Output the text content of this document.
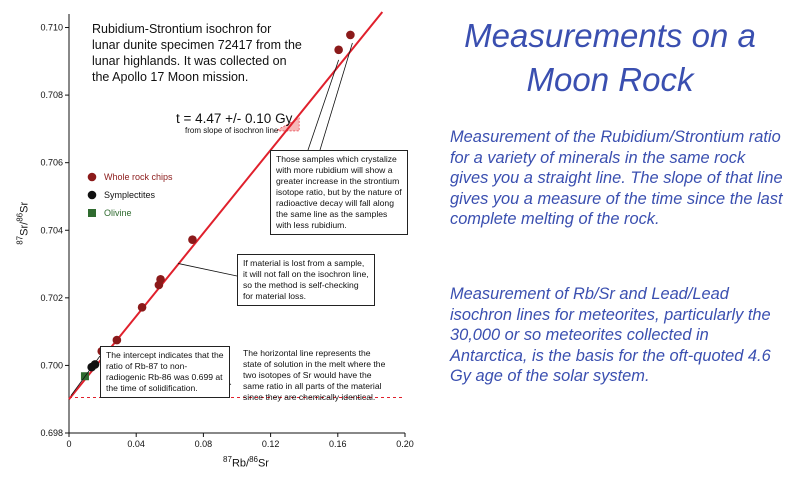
0	0.04	0.08	0.12	0.16	0.20
0.698
0.700
0.702
0.704
0.706
0.708
0.710
Whole rock chips
Symplectites
Olivine
Rubidium-Strontium isochron for lunar dunite specimen 72417 from the lunar highlands. It was collected on the Apollo 17 Moon mission.
t = 4.47 +/- 0.10 Gy
from slope of isochron line
$^{87}$Sr/$^{86}$Sr
$^{87}$Rb/$^{86}$Sr
Those samples which crystalize with more rubidium will show a greater increase in the strontium isotope ratio, but by the nature of radioactive decay will fall along the same line as the samples with less rubidium.
If material is lost from a sample, it will not fall on the isochron line, so the method is self-checking for material loss.
The intercept indicates that the ratio of Rb-87 to non-radiogenic Rb-86 was 0.699 at the time of solidification.
The horizontal line represents the state of solution in the melt where the two isotopes of Sr would have the same ratio in all parts of the material since they are chemically identical.
Measurements on a Moon Rock

Measurement of the Rubidium/Strontium ratio for a variety of minerals in the same rock gives you a straight line. The slope of that line gives you a measure of the time since the last complete melting of the rock.

Measurement of Rb/Sr and Lead/Lead isochron lines for meteorites, particularly the 30,000 or so meteorites collected in Antarctica, is the basis for the oft-quoted 4.6 Gy age of the solar system.
